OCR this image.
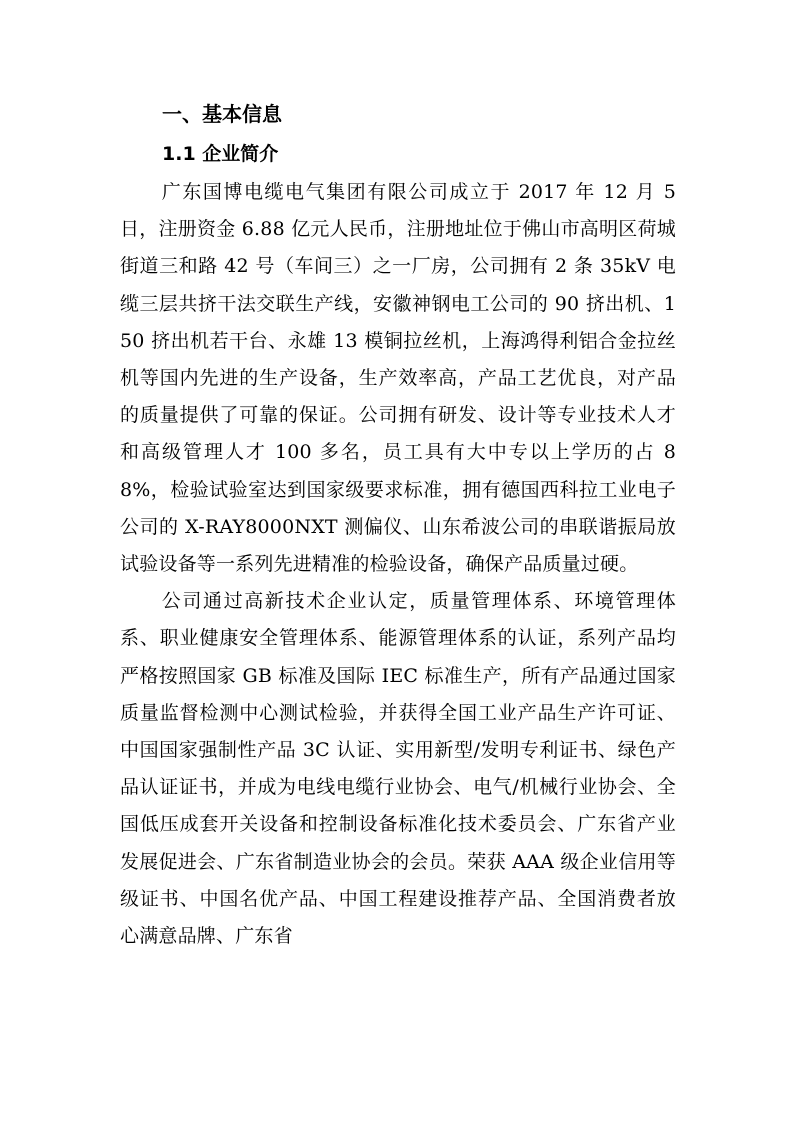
一、基本信息
1.1 企业简介

广东国博电缆电气集团有限公司成立于 2017 年 12 月 5 日，注册资金 6.88 亿元人民币，注册地址位于佛山市高明区荷城街道三和路 42 号（车间三）之一厂房，公司拥有 2 条 35kV 电缆三层共挤干法交联生产线，安徽神钢电工公司的 90 挤出机、150 挤出机若干台、永雄 13 模铜拉丝机，上海鸿得利铝合金拉丝机等国内先进的生产设备，生产效率高，产品工艺优良，对产品的质量提供了可靠的保证。公司拥有研发、设计等专业技术人才和高级管理人才 100 多名，员工具有大中专以上学历的占 88%，检验试验室达到国家级要求标准，拥有德国西科拉工业电子公司的 X-RAY8000NXT 测偏仪、山东希波公司的串联谐振局放试验设备等一系列先进精准的检验设备，确保产品质量过硬。

公司通过高新技术企业认定，质量管理体系、环境管理体系、职业健康安全管理体系、能源管理体系的认证，系列产品均严格按照国家 GB 标准及国际 IEC 标准生产，所有产品通过国家质量监督检测中心测试检验，并获得全国工业产品生产许可证、中国国家强制性产品 3C 认证、实用新型/发明专利证书、绿色产品认证证书，并成为电线电缆行业协会、电气/机械行业协会、全国低压成套开关设备和控制设备标准化技术委员会、广东省产业发展促进会、广东省制造业协会的会员。荣获 AAA 级企业信用等级证书、中国名优产品、中国工程建设推荐产品、全国消费者放心满意品牌、广东省
